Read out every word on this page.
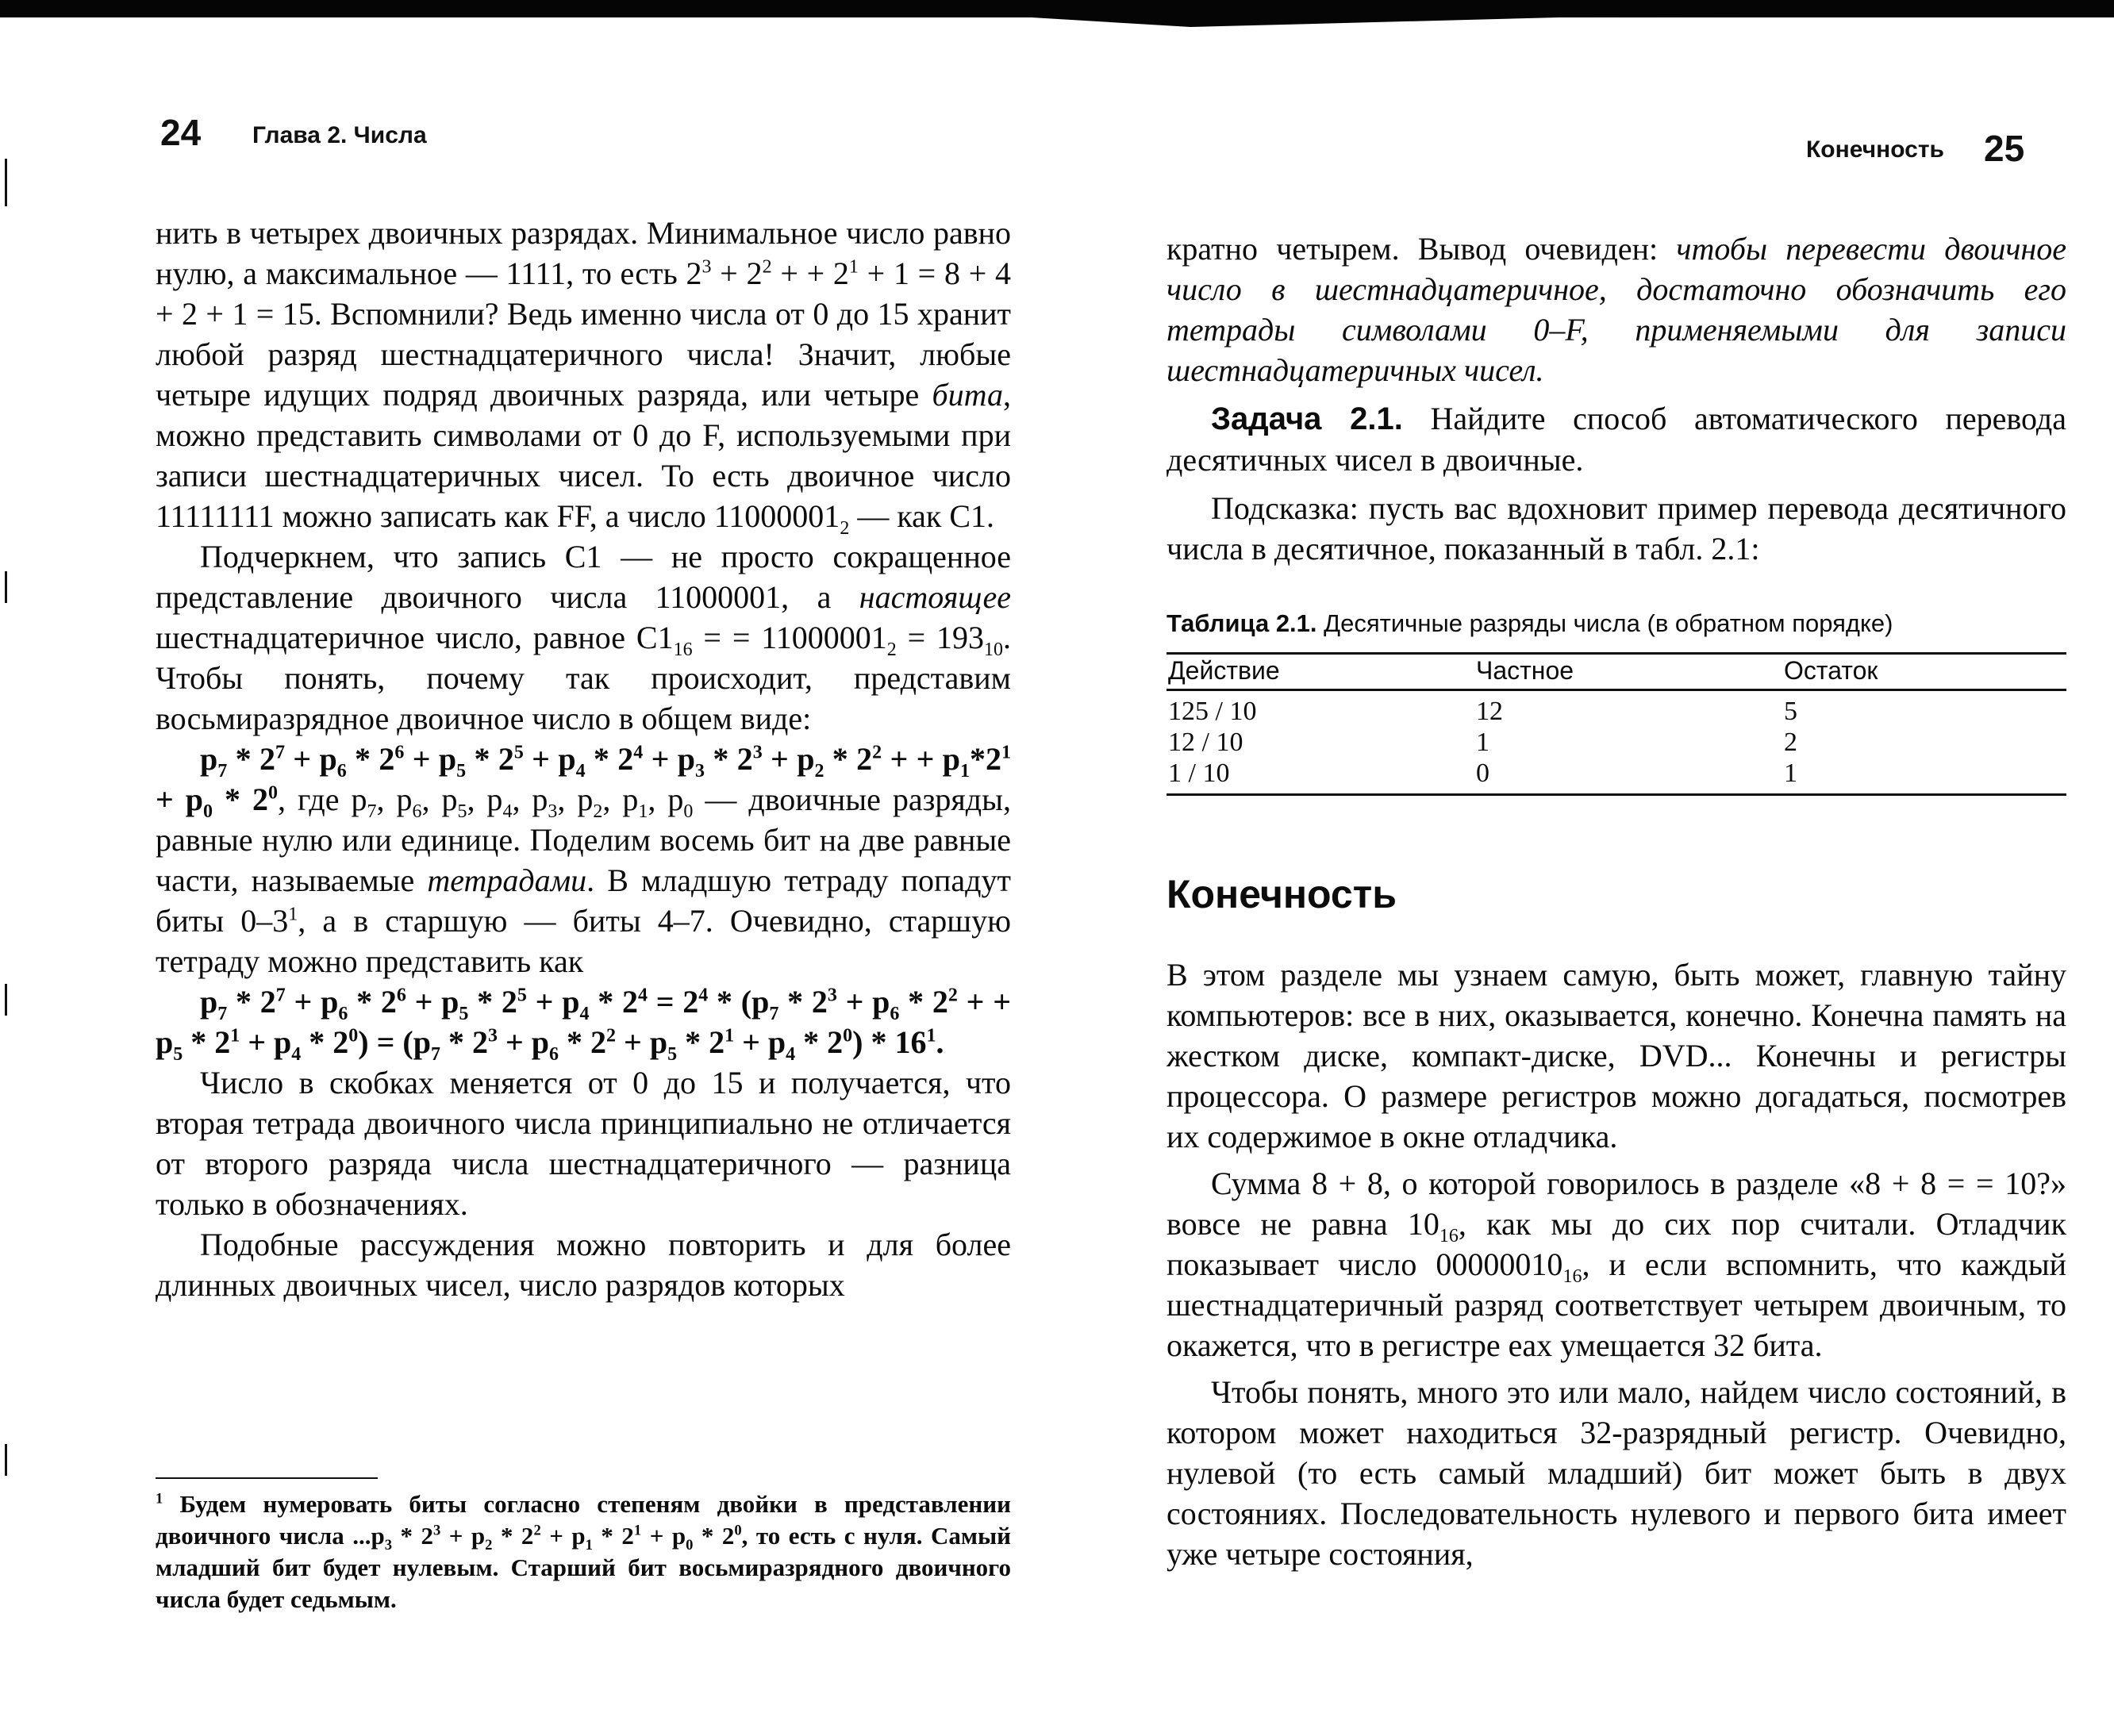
24 Глава 2. Числа

нить в четырех двоичных разрядах. Минимальное число равно нулю, а максимальное — 1111, то есть $2^3 + 2^2$ + + $2^1 + 1 = 8 + 4 + 2 + 1 = 15$. Вспомнили? Ведь именно числа от 0 до 15 хранит любой разряд шестнадцатеричного числа! Значит, любые четыре идущих подряд двоичных разряда, или четыре бита, можно представить символами от 0 до F, используемыми при записи шестнадцатеричных чисел. То есть двоичное число 11111111 можно записать как FF, а число $11000001_2$ — как C1.

Подчеркнем, что запись C1 — не просто сокращенное представление двоичного числа 11000001, а настоящее шестнадцатеричное число, равное $C1_{16}$ = = $11000001_2 = 193_{10}$. Чтобы понять, почему так происходит, представим восьмиразрядное двоичное число в общем виде:

$p_7 * 2^7 + p_6 * 2^6 + p_5 * 2^5 + p_4 * 2^4 + p_3 * 2^3 + p_2 * 2^2$ + + $p_1*2^1 + p_0 * 2^0$, где $p_7$, $p_6$, $p_5$, $p_4$, $p_3$, $p_2$, $p_1$, $p_0$ — двоичные разряды, равные нулю или единице. Поделим восемь бит на две равные части, называемые тетрадами. В младшую тетраду попадут биты $0-3^1$, а в старшую — биты 4–7. Очевидно, старшую тетраду можно представить как

$p_7 * 2^7 + p_6 * 2^6 + p_5 * 2^5 + p_4 * 2^4 = 2^4 * (p_7 * 2^3 + p_6 * 2^2$ + + $p_5 * 2^1 + p_4 * 2^0) = (p_7 * 2^3 + p_6 * 2^2 + p_5 * 2^1 + p_4 * 2^0) * 16^1$.

Число в скобках меняется от 0 до 15 и получается, что вторая тетрада двоичного числа принципиально не отличается от второго разряда числа шестнадцатеричного — разница только в обозначениях.

Подобные рассуждения можно повторить и для более длинных двоичных чисел, число разрядов которых

$^1$ Будем нумеровать биты согласно степеням двойки в представлении двоичного числа $...p_3 * 2^3 + p_2 * 2^2 + p_1 * 2^1 + p_0 * 2^0$, то есть с нуля. Самый младший бит будет нулевым. Старший бит восьмиразрядного двоичного числа будет седьмым.
Конечность 25

кратно четырем. Вывод очевиден: чтобы перевести двоичное число в шестнадцатеричное, достаточно обозначить его тетрады символами 0–F, применяемыми для записи шестнадцатеричных чисел.

Задача 2.1. Найдите способ автоматического перевода десятичных чисел в двоичные.

Подсказка: пусть вас вдохновит пример перевода десятичного числа в десятичное, показанный в табл. 2.1:

Таблица 2.1. Десятичные разряды числа (в обратном порядке)
Действие	Частное	Остаток
125 / 10	12	5
12 / 10	1	2
1 / 10	0	1
Конечность

В этом разделе мы узнаем самую, быть может, главную тайну компьютеров: все в них, оказывается, конечно. Конечна память на жестком диске, компакт-диске, DVD... Конечны и регистры процессора. О размере регистров можно догадаться, посмотрев их содержимое в окне отладчика.

Сумма 8 + 8, о которой говорилось в разделе «8 + 8 = = 10?» вовсе не равна $10_{16}$, как мы до сих пор считали. Отладчик показывает число $00000010_{16}$, и если вспомнить, что каждый шестнадцатеричный разряд соответствует четырем двоичным, то окажется, что в регистре eax умещается 32 бита.

Чтобы понять, много это или мало, найдем число состояний, в котором может находиться 32-разрядный регистр. Очевидно, нулевой (то есть самый младший) бит может быть в двух состояниях. Последовательность нулевого и первого бита имеет уже четыре состояния,
